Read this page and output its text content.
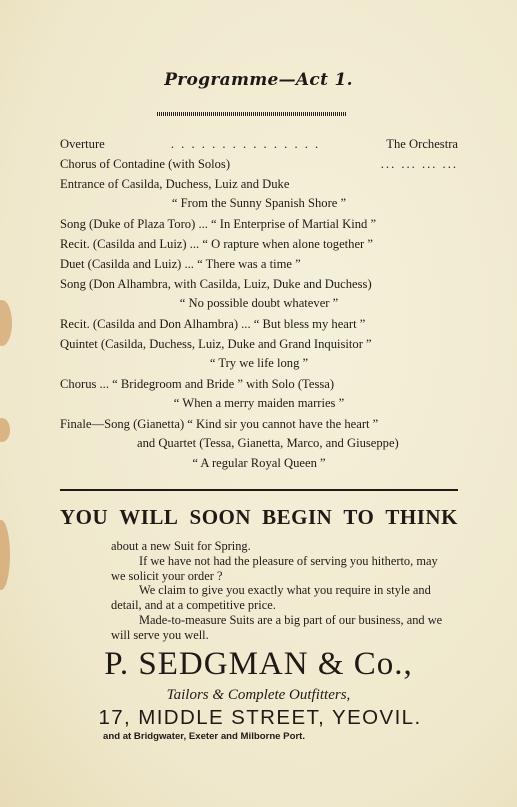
Programme—Act 1.
Overture	. . . . . . . . . . . . . . .	The Orchestra
Chorus of Contadine (with Solos)	... ... ... ...
Entrance of Casilda, Duchess, Luiz and Duke
“ From the Sunny Spanish Shore ”
Song (Duke of Plaza Toro) ... “ In Enterprise of Martial Kind ”
Recit. (Casilda and Luiz) ... “ O rapture when alone together ”
Duet (Casilda and Luiz) ... “ There was a time ”
Song (Don Alhambra, with Casilda, Luiz, Duke and Duchess)
“ No possible doubt whatever ”
Recit. (Casilda and Don Alhambra) ... “ But bless my heart ”
Quintet (Casilda, Duchess, Luiz, Duke and Grand Inquisitor ”
“ Try we life long ”
Chorus ... “ Bridegroom and Bride ” with Solo (Tessa)
“ When a merry maiden marries ”
Finale—Song (Gianetta) “ Kind sir you cannot have the heart ”
and Quartet (Tessa, Gianetta, Marco, and Giuseppe)
“ A regular Royal Queen ”
YOU WILL SOON BEGIN TO THINK

about a new Suit for Spring.

If we have not had the pleasure of serving you hitherto, may we solicit your order ?

We claim to give you exactly what you require in style and detail, and at a competitive price.

Made-to-measure Suits are a big part of our business, and we will serve you well.

P. SEDGMAN & Co.,
Tailors & Complete Outfitters,
17, MIDDLE STREET, YEOVIL.
and at Bridgwater, Exeter and Milborne Port.
